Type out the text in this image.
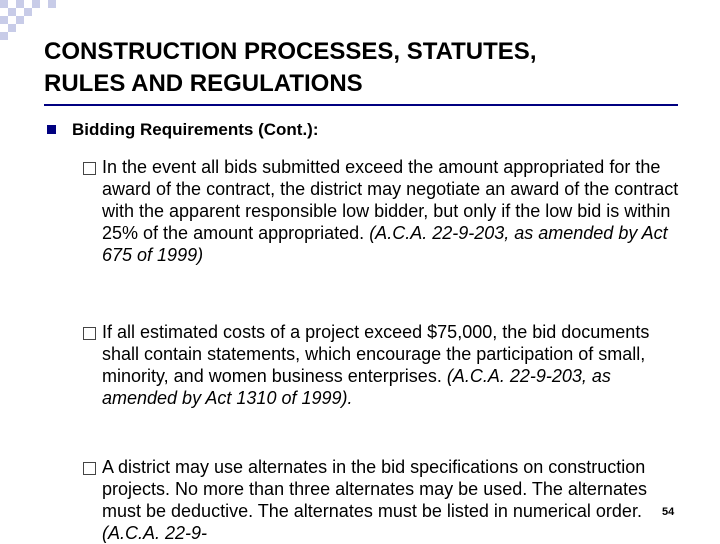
CONSTRUCTION PROCESSES, STATUTES,
RULES AND REGULATIONS
Bidding Requirements (Cont.):
In the event all bids submitted exceed the amount appropriated for the award of the contract, the district may negotiate an award of the contract with the apparent responsible low bidder, but only if the low bid is within 25% of the amount appropriated. (A.C.A. 22-9-203, as amended by Act 675 of 1999)
If all estimated costs of a project exceed $75,000, the bid documents shall contain statements, which encourage the participation of small, minority, and women business enterprises. (A.C.A. 22-9-203, as amended by Act 1310 of 1999).
A district may use alternates in the bid specifications on construction projects. No more than three alternates may be used. The alternates must be deductive. The alternates must be listed in numerical order. (A.C.A. 22-9-
54
